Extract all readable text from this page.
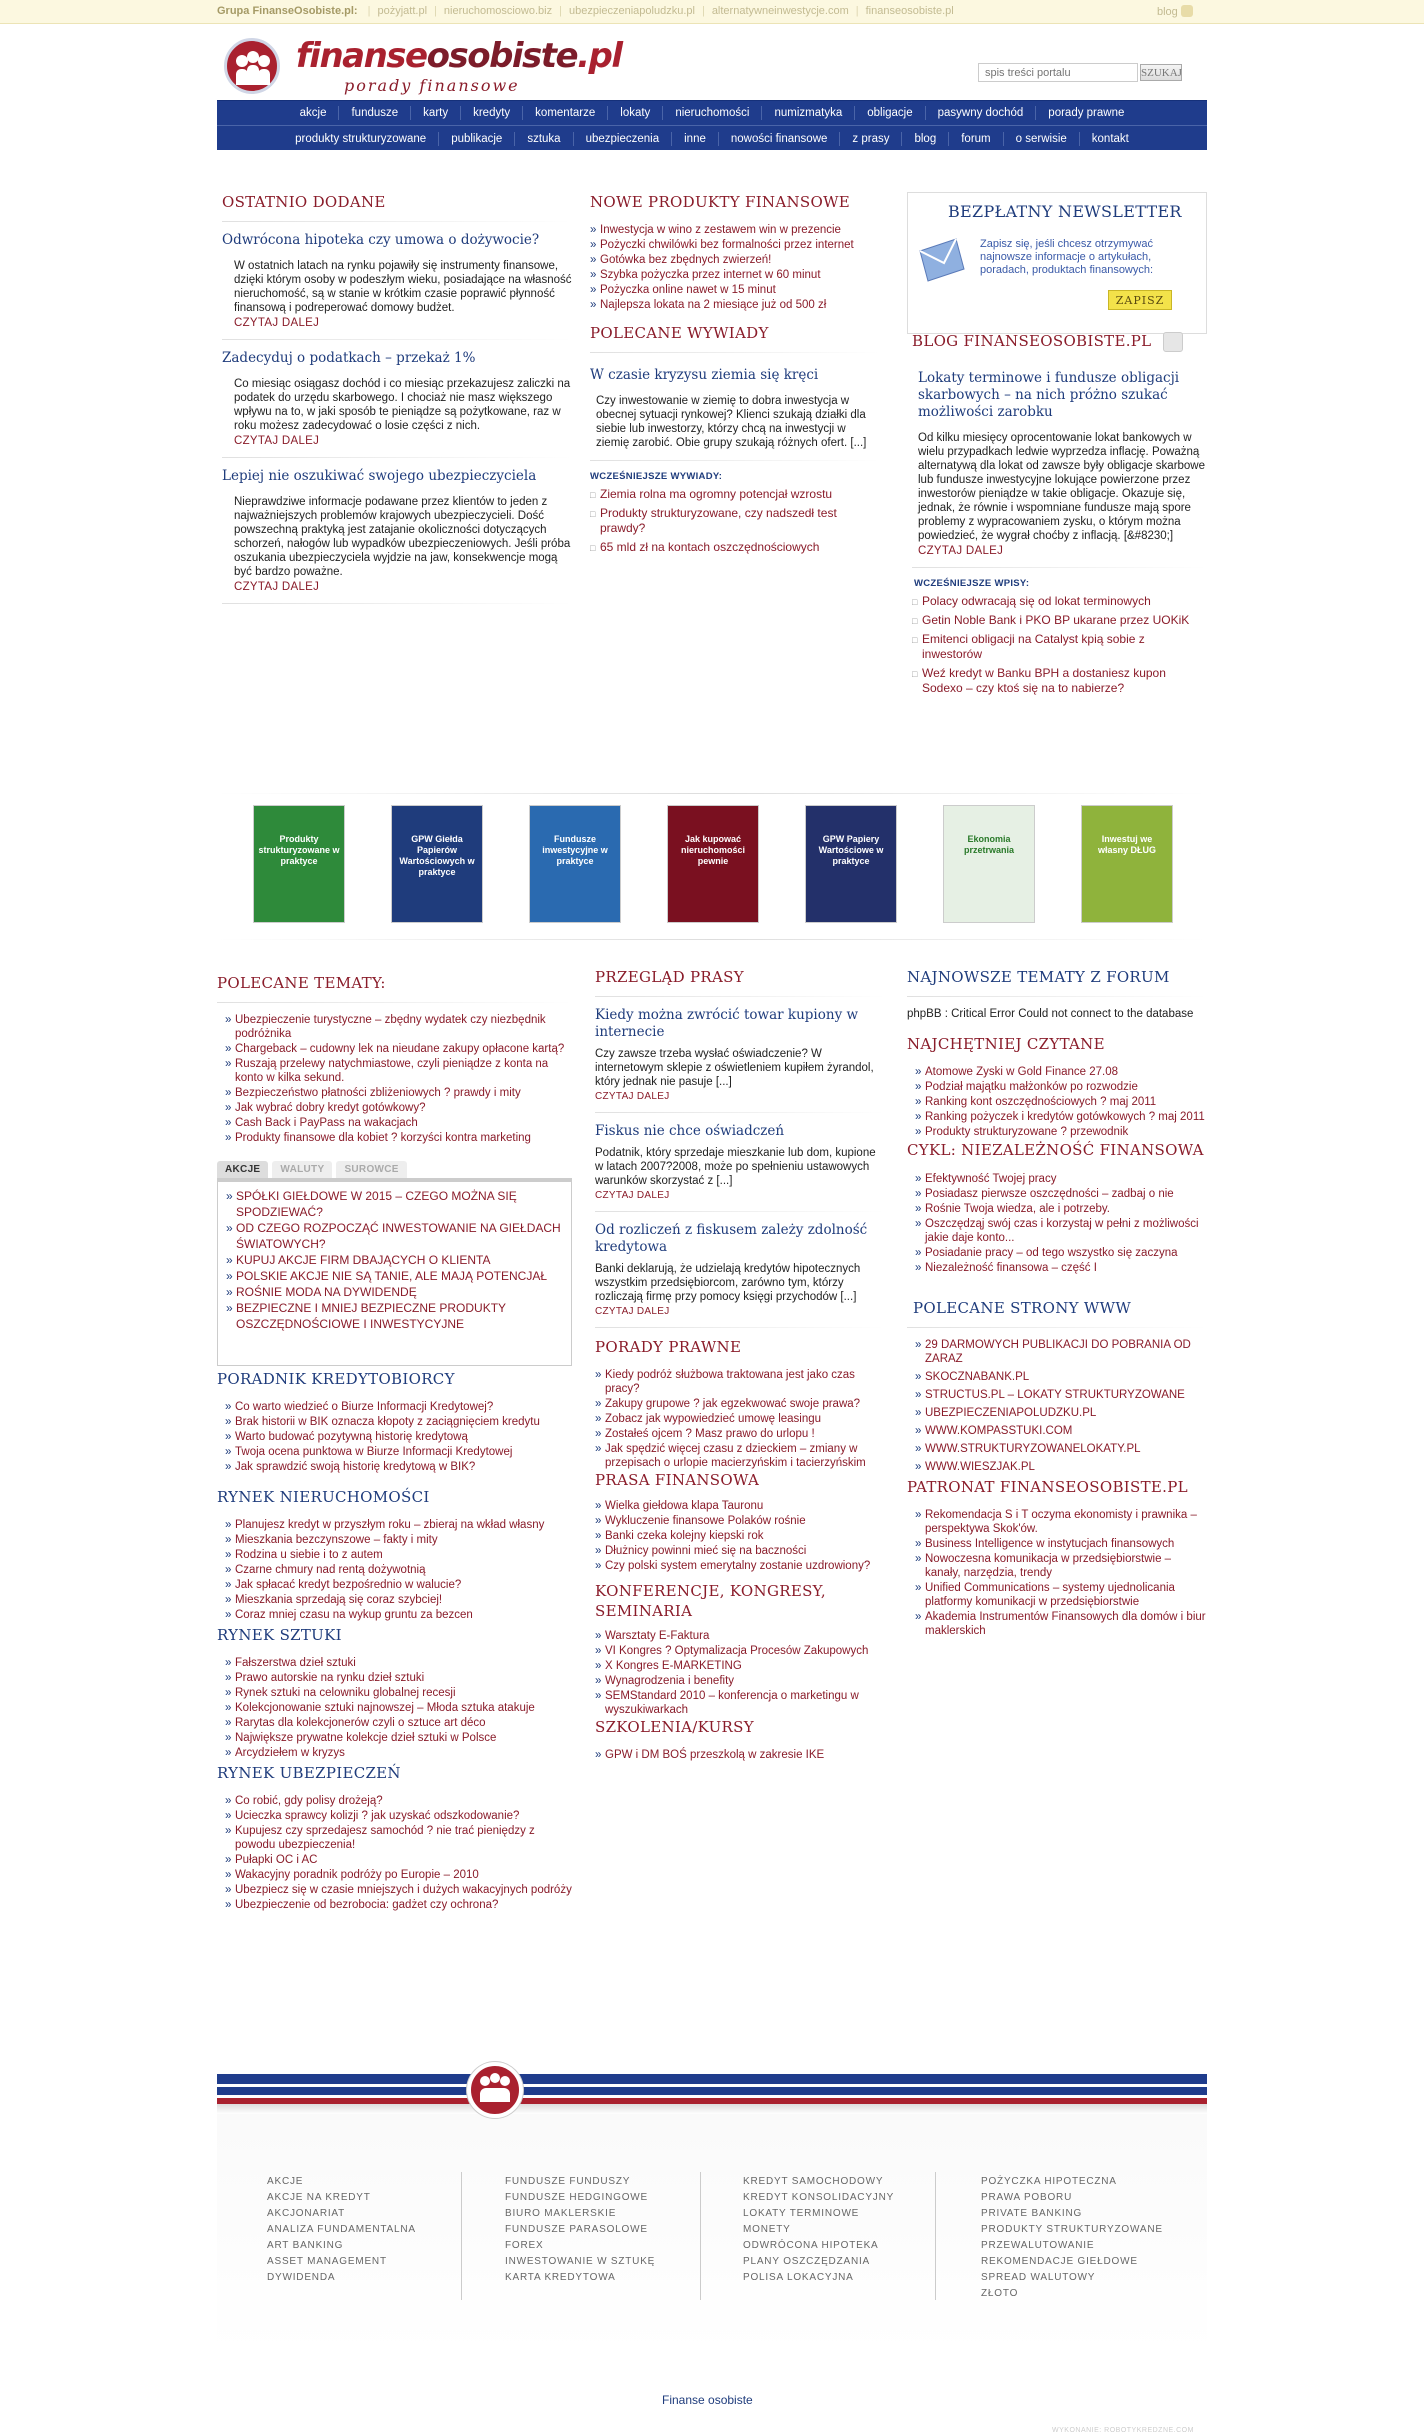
Grupa FinanseOsobiste.pl: | pożyjatt.pl | nieruchomosciowo.biz | ubezpieczeniapoludzku.pl | alternatywneinwestycje.com | finanseosobiste.pl	blog
finanseosobiste.pl
porady finansowe
spis treści portalu
SZUKAJ
akcje	fundusze	karty	kredyty	komentarze	lokaty	nieruchomości	numizmatyka	obligacje	pasywny dochód	porady prawne
produkty strukturyzowane	publikacje	sztuka	ubezpieczenia	inne	nowości finansowe	z prasy	blog	forum	o serwisie	kontakt
OSTATNIO DODANE
Odwrócona hipoteka czy umowa o dożywocie?
W ostatnich latach na rynku pojawiły się instrumenty finansowe, dzięki którym osoby w podeszłym wieku, posiadające na własność nieruchomość, są w stanie w krótkim czasie poprawić płynność finansową i podreperować domowy budżet.
CZYTAJ DALEJ
Zadecyduj o podatkach – przekaż 1%
Co miesiąc osiągasz dochód i co miesiąc przekazujesz zaliczki na podatek do urzędu skarbowego. I chociaż nie masz większego wpływu na to, w jaki sposób te pieniądze są pożytkowane, raz w roku możesz zadecydować o losie części z nich.
CZYTAJ DALEJ
Lepiej nie oszukiwać swojego ubezpieczyciela
Nieprawdziwe informacje podawane przez klientów to jeden z najważniejszych problemów krajowych ubezpieczycieli. Dość powszechną praktyką jest zatajanie okoliczności dotyczących schorzeń, nałogów lub wypadków ubezpieczeniowych. Jeśli próba oszukania ubezpieczyciela wyjdzie na jaw, konsekwencje mogą być bardzo poważne.
CZYTAJ DALEJ
NOWE PRODUKTY FINANSOWE
» Inwestycja w wino z zestawem win w prezencie
» Pożyczki chwilówki bez formalności przez internet
» Gotówka bez zbędnych zwierzeń!
» Szybka pożyczka przez internet w 60 minut
» Pożyczka online nawet w 15 minut
» Najlepsza lokata na 2 miesiące już od 500 zł
POLECANE WYWIADY
W czasie kryzysu ziemia się kręci
Czy inwestowanie w ziemię to dobra inwestycja w obecnej sytuacji rynkowej? Klienci szukają działki dla siebie lub inwestorzy, którzy chcą na inwestycji w ziemię zarobić. Obie grupy szukają różnych ofert. [...]
WCZEŚNIEJSZE WYWIADY:
□ Ziemia rolna ma ogromny potencjał wzrostu
□ Produkty strukturyzowane, czy nadszedł test prawdy?
□ 65 mld zł na kontach oszczędnościowych
BEZPŁATNY NEWSLETTER
Zapisz się, jeśli chcesz otrzymywać najnowsze informacje o artykułach, poradach, produktach finansowych:
ZAPISZ
BLOG FINANSEOSOBISTE.PL
Lokaty terminowe i fundusze obligacji skarbowych – na nich próżno szukać możliwości zarobku
Od kilku miesięcy oprocentowanie lokat bankowych w wielu przypadkach ledwie wyprzedza inflację. Poważną alternatywą dla lokat od zawsze były obligacje skarbowe lub fundusze inwestycyjne lokujące powierzone przez inwestorów pieniądze w takie obligacje. Okazuje się, jednak, że równie i wspomniane fundusze mają spore problemy z wypracowaniem zysku, o którym można powiedzieć, że wygrał choćby z inflacją. [&#8230;]
CZYTAJ DALEJ
WCZEŚNIEJSZE WPISY:
□ Polacy odwracają się od lokat terminowych
□ Getin Noble Bank i PKO BP ukarane przez UOKiK
□ Emitenci obligacji na Catalyst kpią sobie z inwestorów
□ Weź kredyt w Banku BPH a dostaniesz kupon Sodexo – czy ktoś się na to nabierze?
Produkty strukturyzowane w praktyce
GPW Giełda Papierów Wartościowych w praktyce
Fundusze inwestycyjne w praktyce
Jak kupować nieruchomości pewnie
GPW Papiery Wartościowe w praktyce
Ekonomia przetrwania
Inwestuj we własny DŁUG
POLECANE TEMATY:
» Ubezpieczenie turystyczne – zbędny wydatek czy niezbędnik podróżnika
» Chargeback – cudowny lek na nieudane zakupy opłacone kartą?
» Ruszają przelewy natychmiastowe, czyli pieniądze z konta na konto w kilka sekund.
» Bezpieczeństwo płatności zbliżeniowych ? prawdy i mity
» Jak wybrać dobry kredyt gotówkowy?
» Cash Back i PayPass na wakacjach
» Produkty finansowe dla kobiet ? korzyści kontra marketing
AKCJE	WALUTY	SUROWCE
» SPÓŁKI GIEŁDOWE W 2015 – CZEGO MOŻNA SIĘ SPODZIEWAĆ?
» OD CZEGO ROZPOCZĄĆ INWESTOWANIE NA GIEŁDACH ŚWIATOWYCH?
» KUPUJ AKCJE FIRM DBAJĄCYCH O KLIENTA
» POLSKIE AKCJE NIE SĄ TANIE, ALE MAJĄ POTENCJAŁ
» ROŚNIE MODA NA DYWIDENDĘ
» BEZPIECZNE I MNIEJ BEZPIECZNE PRODUKTY OSZCZĘDNOŚCIOWE I INWESTYCYJNE
PORADNIK KREDYTOBIORCY
» Co warto wiedzieć o Biurze Informacji Kredytowej?
» Brak historii w BIK oznacza kłopoty z zaciągnięciem kredytu
» Warto budować pozytywną historię kredytową
» Twoja ocena punktowa w Biurze Informacji Kredytowej
» Jak sprawdzić swoją historię kredytową w BIK?
RYNEK NIERUCHOMOŚCI
» Planujesz kredyt w przyszłym roku – zbieraj na wkład własny
» Mieszkania bezczynszowe – fakty i mity
» Rodzina u siebie i to z autem
» Czarne chmury nad rentą dożywotnią
» Jak spłacać kredyt bezpośrednio w walucie?
» Mieszkania sprzedają się coraz szybciej!
» Coraz mniej czasu na wykup gruntu za bezcen
RYNEK SZTUKI
» Fałszerstwa dzieł sztuki
» Prawo autorskie na rynku dzieł sztuki
» Rynek sztuki na celowniku globalnej recesji
» Kolekcjonowanie sztuki najnowszej – Młoda sztuka atakuje
» Rarytas dla kolekcjonerów czyli o sztuce art déco
» Największe prywatne kolekcje dzieł sztuki w Polsce
» Arcydziełem w kryzys
RYNEK UBEZPIECZEŃ
» Co robić, gdy polisy drożeją?
» Ucieczka sprawcy kolizji ? jak uzyskać odszkodowanie?
» Kupujesz czy sprzedajesz samochód ? nie trać pieniędzy z powodu ubezpieczenia!
» Pułapki OC i AC
» Wakacyjny poradnik podróży po Europie – 2010
» Ubezpiecz się w czasie mniejszych i dużych wakacyjnych podróży
» Ubezpieczenie od bezrobocia: gadżet czy ochrona?
PRZEGLĄD PRASY
Kiedy można zwrócić towar kupiony w internecie
Czy zawsze trzeba wysłać oświadczenie? W internetowym sklepie z oświetleniem kupiłem żyrandol, który jednak nie pasuje [...]
CZYTAJ DALEJ
Fiskus nie chce oświadczeń
Podatnik, który sprzedaje mieszkanie lub dom, kupione w latach 2007?2008, może po spełnieniu ustawowych warunków skorzystać z [...]
CZYTAJ DALEJ
Od rozliczeń z fiskusem zależy zdolność kredytowa
Banki deklarują, że udzielają kredytów hipotecznych wszystkim przedsiębiorcom, zarówno tym, którzy rozliczają firmę przy pomocy księgi przychodów [...]
CZYTAJ DALEJ
PORADY PRAWNE
» Kiedy podróż służbowa traktowana jest jako czas pracy?
» Zakupy grupowe ? jak egzekwować swoje prawa?
» Zobacz jak wypowiedzieć umowę leasingu
» Zostałeś ojcem ? Masz prawo do urlopu !
» Jak spędzić więcej czasu z dzieckiem – zmiany w przepisach o urlopie macierzyńskim i tacierzyńskim
PRASA FINANSOWA
» Wielka giełdowa klapa Tauronu
» Wykluczenie finansowe Polaków rośnie
» Banki czeka kolejny kiepski rok
» Dłużnicy powinni mieć się na baczności
» Czy polski system emerytalny zostanie uzdrowiony?
KONFERENCJE, KONGRESY, SEMINARIA
» Warsztaty E-Faktura
» VI Kongres ? Optymalizacja Procesów Zakupowych
» X Kongres E-MARKETING
» Wynagrodzenia i benefity
» SEMStandard 2010 – konferencja o marketingu w wyszukiwarkach
SZKOLENIA/KURSY
» GPW i DM BOŚ przeszkolą w zakresie IKE
NAJNOWSZE TEMATY Z FORUM
phpBB : Critical Error Could not connect to the database
NAJCHĘTNIEJ CZYTANE
» Atomowe Zyski w Gold Finance 27.08
» Podział majątku małżonków po rozwodzie
» Ranking kont oszczędnościowych ? maj 2011
» Ranking pożyczek i kredytów gotówkowych ? maj 2011
» Produkty strukturyzowane ? przewodnik
CYKL: NIEZALEŻNOŚĆ FINANSOWA
» Efektywność Twojej pracy
» Posiadasz pierwsze oszczędności – zadbaj o nie
» Rośnie Twoja wiedza, ale i potrzeby.
» Oszczędząj swój czas i korzystaj w pełni z możliwości jakie daje konto...
» Posiadanie pracy – od tego wszystko się zaczyna
» Niezależność finansowa – część I
POLECANE STRONY WWW
» 29 DARMOWYCH PUBLIKACJI DO POBRANIA OD ZARAZ
» SKOCZNABANK.PL
» STRUCTUS.PL – LOKATY STRUKTURYZOWANE
» UBEZPIECZENIAPOLUDZKU.PL
» WWW.KOMPASSTUKI.COM
» WWW.STRUKTURYZOWANELOKATY.PL
» WWW.WIESZJAK.PL
PATRONAT FINANSEOSOBISTE.PL
» Rekomendacja S i T oczyma ekonomisty i prawnika – perspektywa Skok'ów.
» Business Intelligence w instytucjach finansowych
» Nowoczesna komunikacja w przedsiębiorstwie – kanały, narzędzia, trendy
» Unified Communications – systemy ujednolicania platformy komunikacji w przedsiębiorstwie
» Akademia Instrumentów Finansowych dla domów i biur maklerskich
AKCJE
AKCJE NA KREDYT
AKCJONARIAT
ANALIZA FUNDAMENTALNA
ART BANKING
ASSET MANAGEMENT
DYWIDENDA
FUNDUSZE FUNDUSZY
FUNDUSZE HEDGINGOWE
BIURO MAKLERSKIE
FUNDUSZE PARASOLOWE
FOREX
INWESTOWANIE W SZTUKĘ
KARTA KREDYTOWA
KREDYT SAMOCHODOWY
KREDYT KONSOLIDACYJNY
LOKATY TERMINOWE
MONETY
ODWRÓCONA HIPOTEKA
PLANY OSZCZĘDZANIA
POLISA LOKACYJNA
POŻYCZKA HIPOTECZNA
PRAWA POBORU
PRIVATE BANKING
PRODUKTY STRUKTURYZOWANE
PRZEWALUTOWANIE
REKOMENDACJE GIEŁDOWE
SPREAD WALUTOWY
ZŁOTO
Finanse osobiste
WYKONANIE: ROBOTYKREDZNE.COM
